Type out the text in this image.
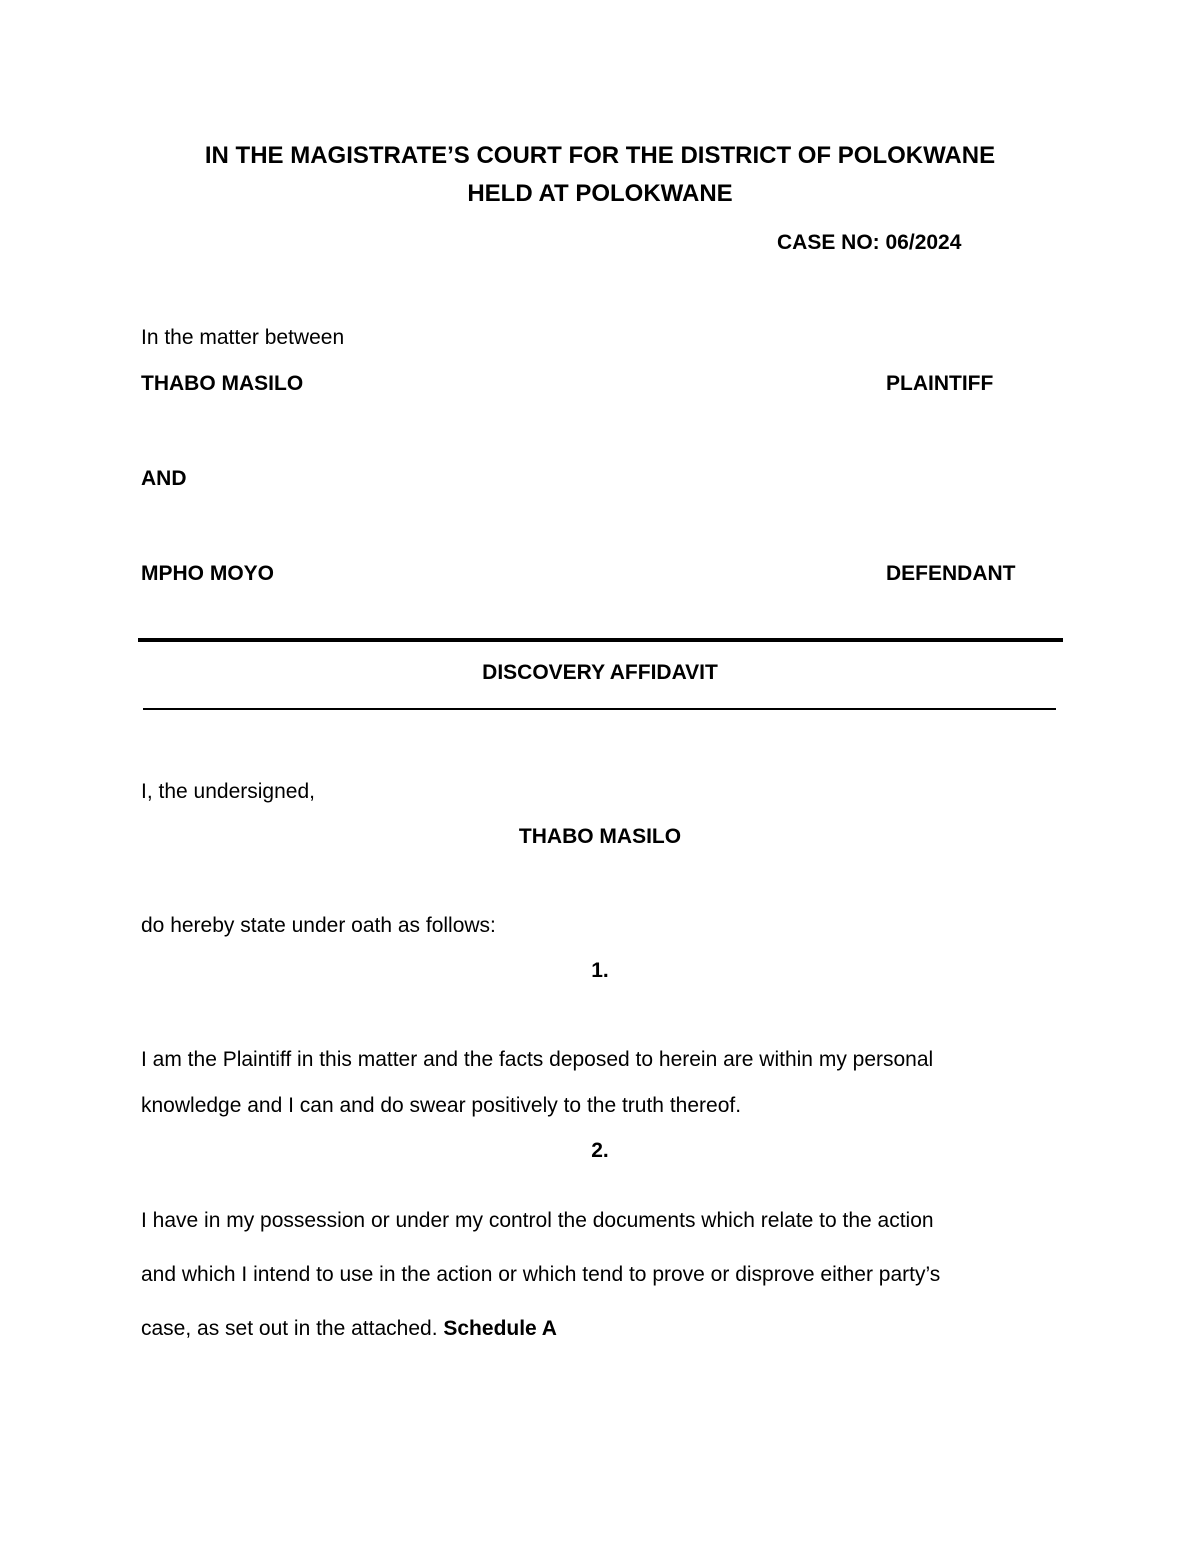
IN THE MAGISTRATE’S COURT FOR THE DISTRICT OF POLOKWANE
HELD AT POLOKWANE
CASE NO: 06/2024
In the matter between
THABO MASILO	PLAINTIFF
AND
MPHO MOYO	DEFENDANT
DISCOVERY AFFIDAVIT
I, the undersigned,
THABO MASILO
do hereby state under oath as follows:
1.
I am the Plaintiff in this matter and the facts deposed to herein are within my personal
knowledge and I can and do swear positively to the truth thereof.
2.
I have in my possession or under my control the documents which relate to the action
and which I intend to use in the action or which tend to prove or disprove either party’s
case, as set out in the attached. Schedule A
